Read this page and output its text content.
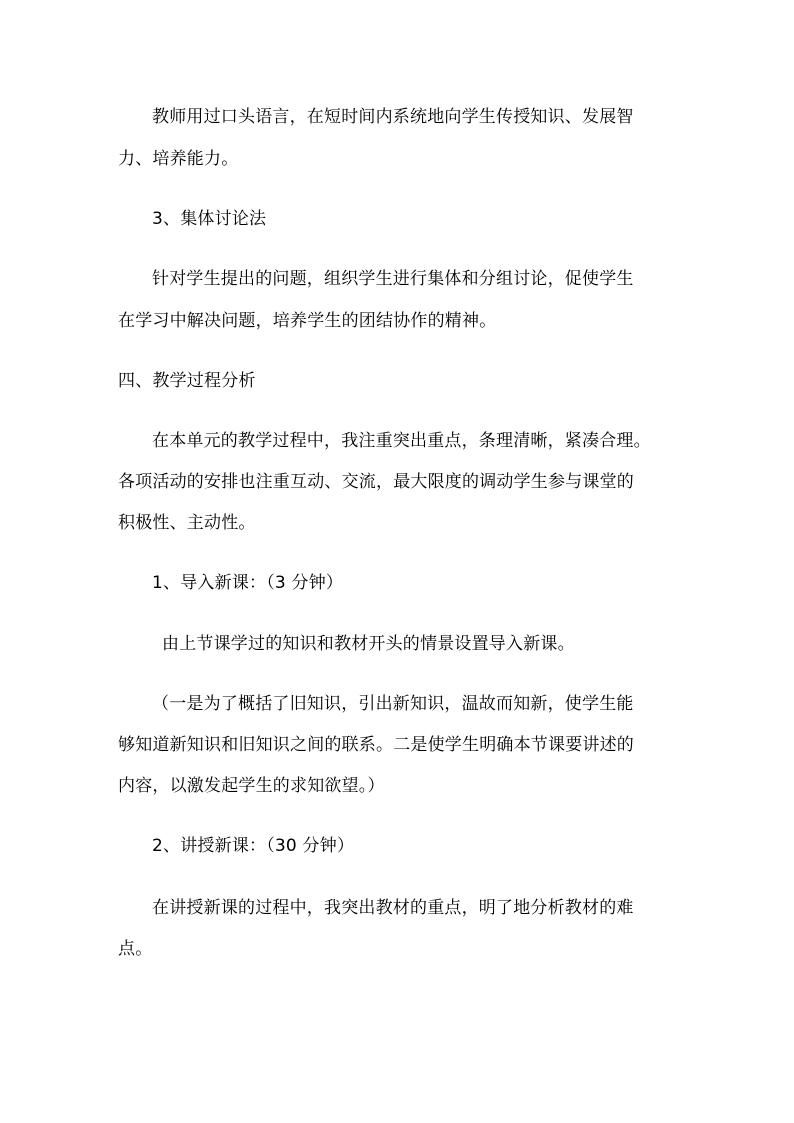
教师用过口头语言，在短时间内系统地向学生传授知识、发展智
力、培养能力。
3、集体讨论法
针对学生提出的问题，组织学生进行集体和分组讨论，促使学生
在学习中解决问题，培养学生的团结协作的精神。
四、教学过程分析
在本单元的教学过程中，我注重突出重点，条理清晰，紧凑合理。
各项活动的安排也注重互动、交流，最大限度的调动学生参与课堂的
积极性、主动性。
1、导入新课：（3 分钟）
由上节课学过的知识和教材开头的情景设置导入新课。
（一是为了概括了旧知识，引出新知识，温故而知新，使学生能
够知道新知识和旧知识之间的联系。二是使学生明确本节课要讲述的
内容，以激发起学生的求知欲望。）
2、讲授新课：（30 分钟）
在讲授新课的过程中，我突出教材的重点，明了地分析教材的难
点。
